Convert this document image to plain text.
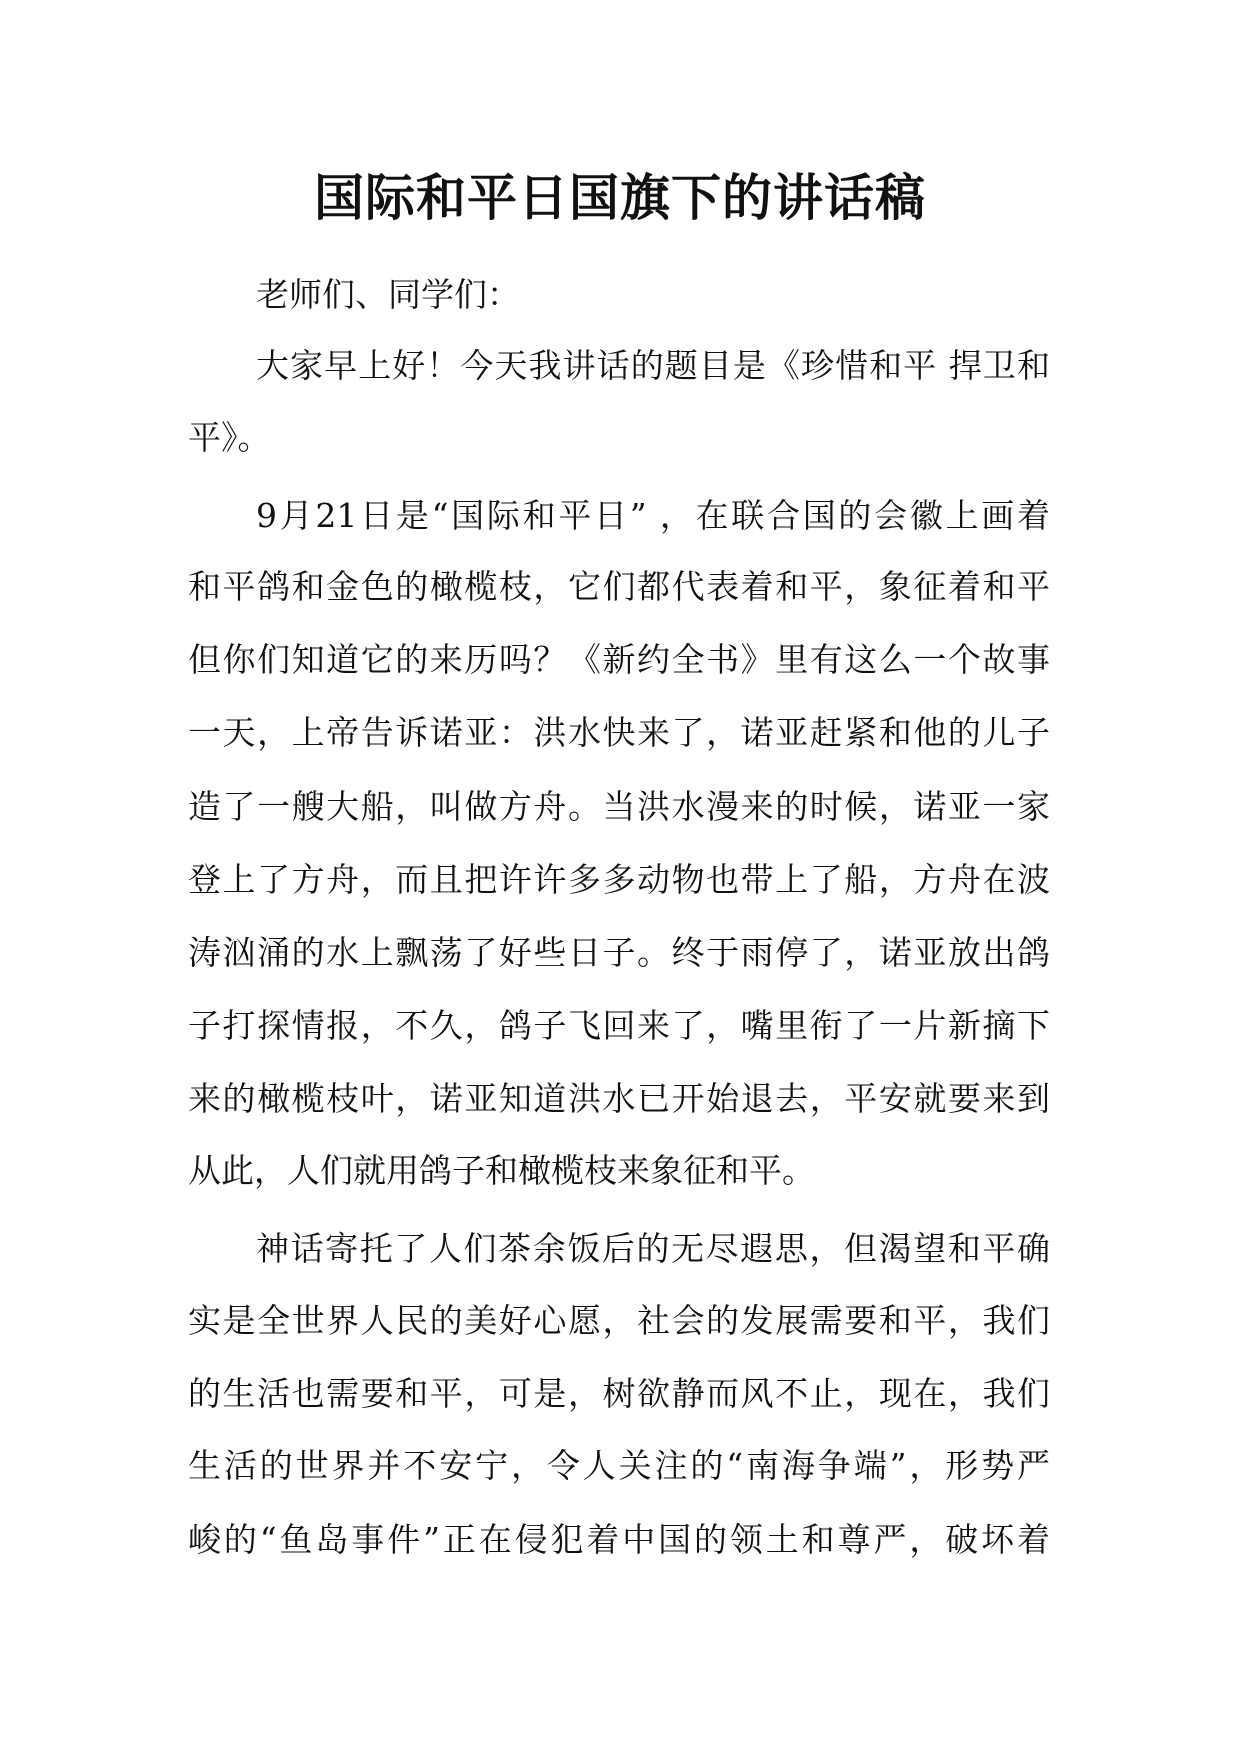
国际和平日国旗下的讲话稿
老师们、同学们：
大家早上好！今天我讲话的题目是《珍惜和平 捍卫和
平》。
9月21日是“国际和平日” ，在联合国的会徽上画着
和平鸽和金色的橄榄枝，它们都代表着和平，象征着和平
但你们知道它的来历吗？《新约全书》里有这么一个故事
一天，上帝告诉诺亚：洪水快来了，诺亚赶紧和他的儿子
造了一艘大船，叫做方舟。当洪水漫来的时候，诺亚一家
登上了方舟，而且把许许多多动物也带上了船，方舟在波
涛汹涌的水上飘荡了好些日子。终于雨停了，诺亚放出鸽
子打探情报，不久，鸽子飞回来了，嘴里衔了一片新摘下
来的橄榄枝叶，诺亚知道洪水已开始退去，平安就要来到
从此，人们就用鸽子和橄榄枝来象征和平。
神话寄托了人们茶余饭后的无尽遐思，但渴望和平确
实是全世界人民的美好心愿，社会的发展需要和平，我们
的生活也需要和平，可是，树欲静而风不止，现在，我们
生活的世界并不安宁，令人关注的“南海争端”，形势严
峻的“鱼岛事件”正在侵犯着中国的领土和尊严，破坏着
